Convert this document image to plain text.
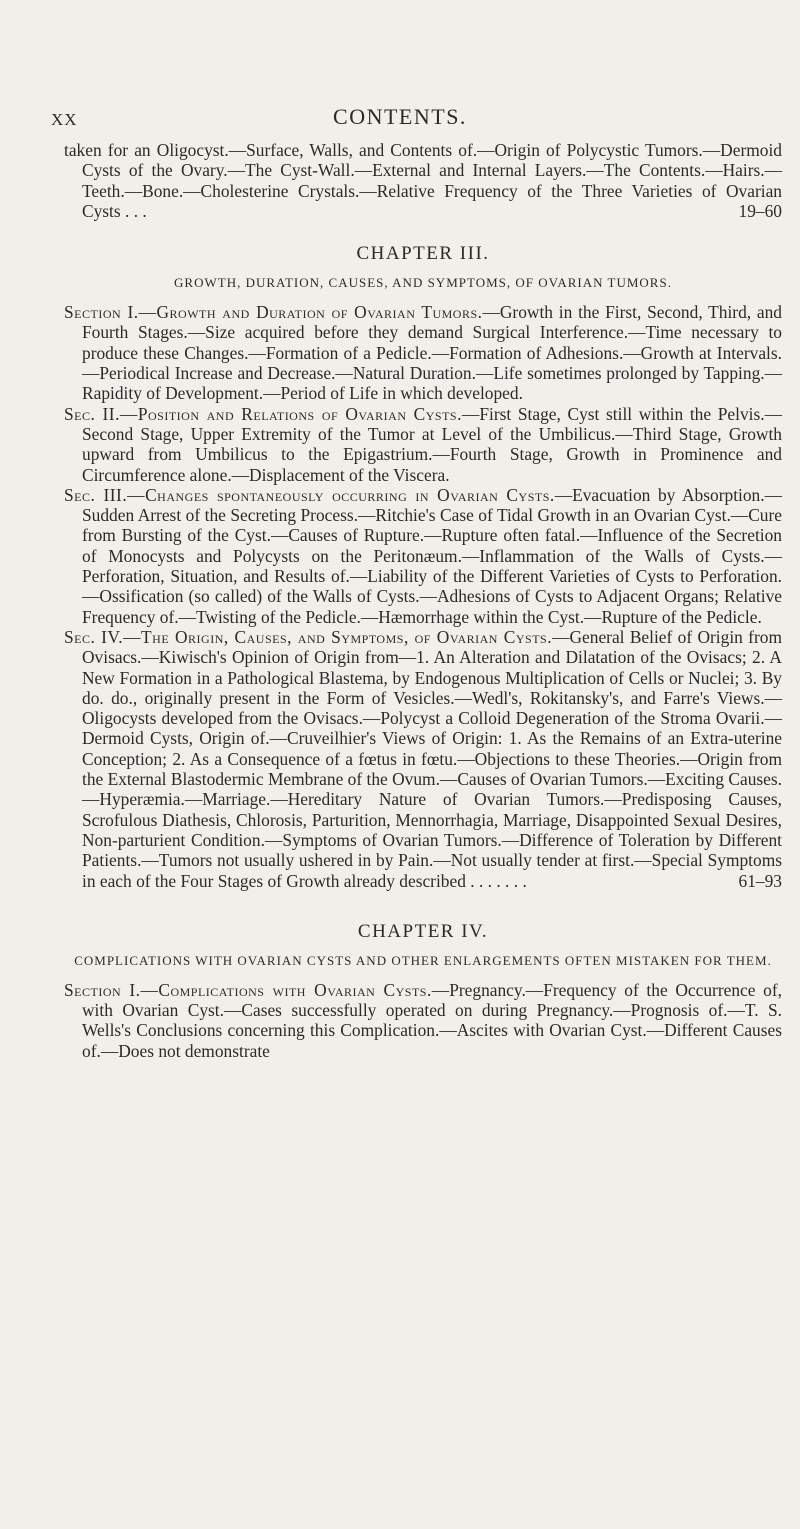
XX	CONTENTS.

taken for an Oligocyst.—Surface, Walls, and Contents of.—Origin of Polycystic Tumors.—Dermoid Cysts of the Ovary.—The Cyst-Wall.—External and Internal Layers.—The Contents.—Hairs.—Teeth.—Bone.—Cholesterine Crystals.—Relative Frequency of the Three Varieties of Ovarian Cysts . . .	19–60

CHAPTER III.
GROWTH, DURATION, CAUSES, AND SYMPTOMS, OF OVARIAN TUMORS.

Section I.—Growth and Duration of Ovarian Tumors.—Growth in the First, Second, Third, and Fourth Stages.—Size acquired before they demand Surgical Interference.—Time necessary to produce these Changes.—Formation of a Pedicle.—Formation of Adhesions.—Growth at Intervals.—Periodical Increase and Decrease.—Natural Duration.—Life sometimes prolonged by Tapping.—Rapidity of Development.—Period of Life in which developed.

Sec. II.—Position and Relations of Ovarian Cysts.—First Stage, Cyst still within the Pelvis.—Second Stage, Upper Extremity of the Tumor at Level of the Umbilicus.—Third Stage, Growth upward from Umbilicus to the Epigastrium.—Fourth Stage, Growth in Prominence and Circumference alone.—Displacement of the Viscera.

Sec. III.—Changes spontaneously occurring in Ovarian Cysts.—Evacuation by Absorption.—Sudden Arrest of the Secreting Process.—Ritchie's Case of Tidal Growth in an Ovarian Cyst.—Cure from Bursting of the Cyst.—Causes of Rupture.—Rupture often fatal.—Influence of the Secretion of Monocysts and Polycysts on the Peritonæum.—Inflammation of the Walls of Cysts.—Perforation, Situation, and Results of.—Liability of the Different Varieties of Cysts to Perforation.—Ossification (so called) of the Walls of Cysts.—Adhesions of Cysts to Adjacent Organs; Relative Frequency of.—Twisting of the Pedicle.—Hæmorrhage within the Cyst.—Rupture of the Pedicle.

Sec. IV.—The Origin, Causes, and Symptoms, of Ovarian Cysts.—General Belief of Origin from Ovisacs.—Kiwisch's Opinion of Origin from—1. An Alteration and Dilatation of the Ovisacs; 2. A New Formation in a Pathological Blastema, by Endogenous Multiplication of Cells or Nuclei; 3. By do. do., originally present in the Form of Vesicles.—Wedl's, Rokitansky's, and Farre's Views.—Oligocysts developed from the Ovisacs.—Polycyst a Colloid Degeneration of the Stroma Ovarii.—Dermoid Cysts, Origin of.—Cruveilhier's Views of Origin: 1. As the Remains of an Extra-uterine Conception; 2. As a Consequence of a fœtus in fœtu.—Objections to these Theories.—Origin from the External Blastodermic Membrane of the Ovum.—Causes of Ovarian Tumors.—Exciting Causes.—Hyperæmia.—Marriage.—Hereditary Nature of Ovarian Tumors.—Predisposing Causes, Scrofulous Diathesis, Chlorosis, Parturition, Mennorrhagia, Marriage, Disappointed Sexual Desires, Non-parturient Condition.—Symptoms of Ovarian Tumors.—Difference of Toleration by Different Patients.—Tumors not usually ushered in by Pain.—Not usually tender at first.—Special Symptoms in each of the Four Stages of Growth already described . . . . . . .	61–93

CHAPTER IV.
COMPLICATIONS WITH OVARIAN CYSTS AND OTHER ENLARGEMENTS OFTEN MISTAKEN FOR THEM.

Section I.—Complications with Ovarian Cysts.—Pregnancy.—Frequency of the Occurrence of, with Ovarian Cyst.—Cases successfully operated on during Pregnancy.—Prognosis of.—T. S. Wells's Conclusions concerning this Complication.—Ascites with Ovarian Cyst.—Different Causes of.—Does not demonstrate
